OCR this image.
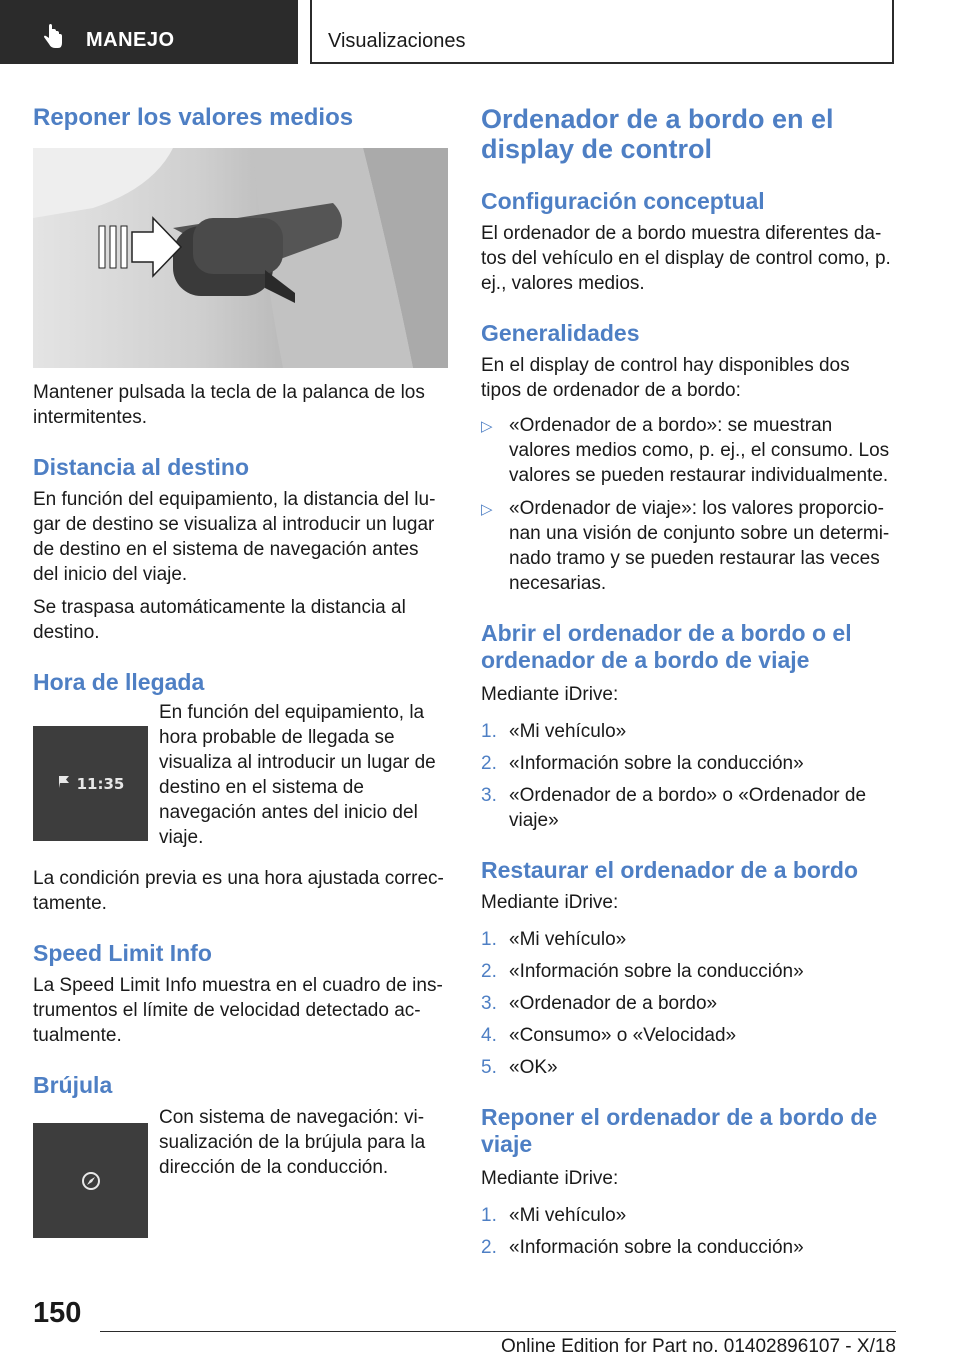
MANEJO	Visualizaciones
Reponer los valores medios

Mantener pulsada la tecla de la palanca de los intermitentes.

Distancia al destino

En función del equipamiento, la distancia del lugar de destino se visualiza al introducir un lugar de destino en el sistema de navegación antes del inicio del viaje.

Se traspasa automáticamente la distancia al destino.

Hora de llegada
11:35

En función del equipamiento, la hora probable de llegada se visualiza al introducir un lugar de destino en el sistema de navegación antes del inicio del viaje.

La condición previa es una hora ajustada correctamente.

Speed Limit Info

La Speed Limit Info muestra en el cuadro de instrumentos el límite de velocidad detectado actualmente.

Brújula

Con sistema de navegación: visualización de la brújula para la dirección de la conducción.

Ordenador de a bordo en el display de control
Configuración conceptual

El ordenador de a bordo muestra diferentes datos del vehículo en el display de control como, p. ej., valores medios.

Generalidades

En el display de control hay disponibles dos tipos de ordenador de a bordo:

▷ «Ordenador de a bordo»: se muestran valores medios como, p. ej., el consumo. Los valores se pueden restaurar individualmente.
▷ «Ordenador de viaje»: los valores proporcionan una visión de conjunto sobre un determinado tramo y se pueden restaurar las veces necesarias.
Abrir el ordenador de a bordo o el ordenador de a bordo de viaje

Mediante iDrive:

1. «Mi vehículo»
2. «Información sobre la conducción»
3. «Ordenador de a bordo» o «Ordenador de viaje»
Restaurar el ordenador de a bordo

Mediante iDrive:

1. «Mi vehículo»
2. «Información sobre la conducción»
3. «Ordenador de a bordo»
4. «Consumo» o «Velocidad»
5. «OK»
Reponer el ordenador de a bordo de viaje

Mediante iDrive:

1. «Mi vehículo»
2. «Información sobre la conducción»
150
Online Edition for Part no. 01402896107 - X/18
